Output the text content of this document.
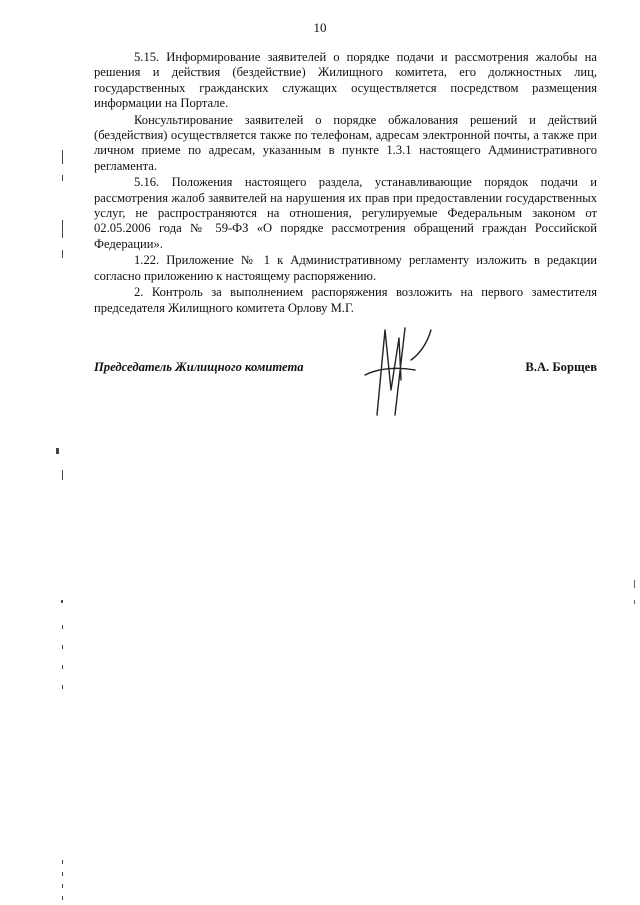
10

5.15. Информирование заявителей о порядке подачи и рассмотрения жалобы на решения и действия (бездействие) Жилищного комитета, его должностных лиц, государственных гражданских служащих осуществляется посредством размещения информации на Портале.

Консультирование заявителей о порядке обжалования решений и действий (бездействия) осуществляется также по телефонам, адресам электронной почты, а также при личном приеме по адресам, указанным в пункте 1.3.1 настоящего Административного регламента.

5.16. Положения настоящего раздела, устанавливающие порядок подачи и рассмотрения жалоб заявителей на нарушения их прав при предоставлении государственных услуг, не распространяются на отношения, регулируемые Федеральным законом от 02.05.2006 года № 59-ФЗ «О порядке рассмотрения обращений граждан Российской Федерации».

1.22. Приложение № 1 к Административному регламенту изложить в редакции согласно приложению к настоящему распоряжению.

2. Контроль за выполнением распоряжения возложить на первого заместителя председателя Жилищного комитета Орлову М.Г.

Председатель Жилищного комитета	В.А. Борщев
